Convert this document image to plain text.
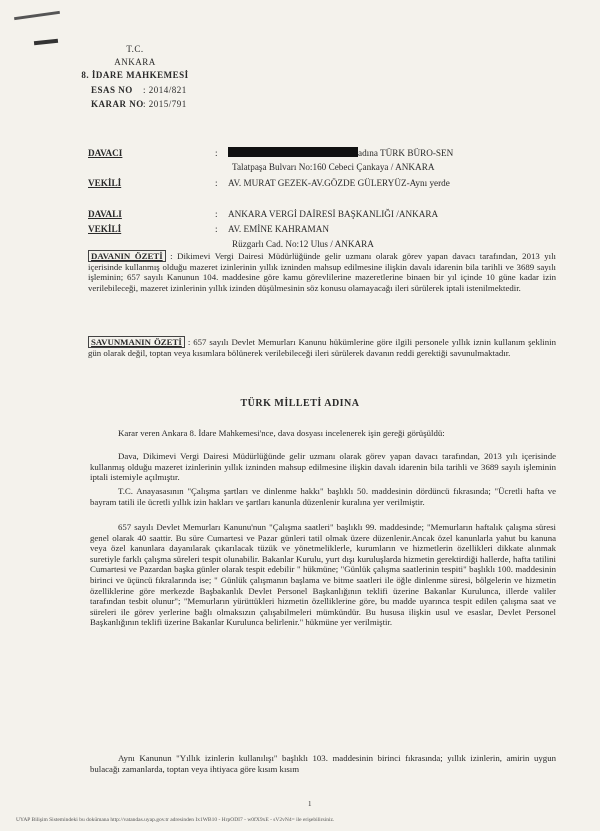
T.C.
ANKARA
8. İDARE MAHKEMESİ
ESAS NO : 2014/821
KARAR NO : 2015/791
DAVACI	:	adına TÜRK BÜRO-SEN
Talatpaşa Bulvarı No:160 Cebeci Çankaya / ANKARA
VEKİLİ	: AV. MURAT GEZEK-AV.GÖZDE GÜLERYÜZ-Aynı yerde
DAVALI	: ANKARA VERGİ DAİRESİ BAŞKANLIĞI /ANKARA
VEKİLİ	: AV. EMİNE KAHRAMAN
Rüzgarlı Cad. No:12 Ulus / ANKARA
DAVANIN ÖZETİ : Dikimevi Vergi Dairesi Müdürlüğünde gelir uzmanı olarak görev yapan davacı tarafından, 2013 yılı içerisinde kullanmış olduğu mazeret izinlerinin yıllık izninden mahsup edilmesine ilişkin davalı idarenin bila tarihli ve 3689 sayılı işleminin; 657 sayılı Kanunun 104. maddesine göre kamu görevlilerine mazeretlerine binaen bir yıl içinde 10 güne kadar izin verilebileceği, mazeret izinlerinin yıllık izinden düşülmesinin söz konusu olamayacağı ileri sürülerek iptali istenilmektedir.
SAVUNMANIN ÖZETİ : 657 sayılı Devlet Memurları Kanunu hükümlerine göre ilgili personele yıllık iznin kullanım şeklinin gün olarak değil, toptan veya kısımlara bölünerek verilebileceği ileri sürülerek davanın reddi gerektiği savunulmaktadır.
TÜRK MİLLETİ ADINA
Karar veren Ankara 8. İdare Mahkemesi'nce, dava dosyası incelenerek işin gereği görüşüldü:
Dava, Dikimevi Vergi Dairesi Müdürlüğünde gelir uzmanı olarak görev yapan davacı tarafından, 2013 yılı içerisinde kullanmış olduğu mazeret izinlerinin yıllık izninden mahsup edilmesine ilişkin davalı idarenin bila tarihli ve 3689 sayılı işleminin iptali istemiyle açılmıştır.
T.C. Anayasasının "Çalışma şartları ve dinlenme hakkı" başlıklı 50. maddesinin dördüncü fıkrasında; "Ücretli hafta ve bayram tatili ile ücretli yıllık izin hakları ve şartları kanunla düzenlenir kuralına yer verilmiştir.
657 sayılı Devlet Memurları Kanunu'nun "Çalışma saatleri" başlıklı 99. maddesinde; "Memurların haftalık çalışma süresi genel olarak 40 saattir. Bu süre Cumartesi ve Pazar günleri tatil olmak üzere düzenlenir.Ancak özel kanunlarla yahut bu kanuna veya özel kanunlara dayanılarak çıkarılacak tüzük ve yönetmeliklerle, kurumların ve hizmetlerin özellikleri dikkate alınmak suretiyle farklı çalışma süreleri tespit olunabilir. Bakanlar Kurulu, yurt dışı kuruluşlarda hizmetin gerektirdiği hallerde, hafta tatilini Cumartesi ve Pazardan başka günler olarak tespit edebilir " hükmüne; "Günlük çalışma saatlerinin tespiti" başlıklı 100. maddesinin birinci ve üçüncü fıkralarında ise; " Günlük çalışmanın başlama ve bitme saatleri ile öğle dinlenme süresi, bölgelerin ve hizmetin özelliklerine göre merkezde Başbakanlık Devlet Personel Başkanlığının teklifi üzerine Bakanlar Kurulunca, illerde valiler tarafından tesbit olunur"; "Memurların yürüttükleri hizmetin özelliklerine göre, bu madde uyarınca tespit edilen çalışma saat ve süreleri ile görev yerlerine bağlı olmaksızın çalışabilmeleri mümkündür. Bu hususa ilişkin usul ve esaslar, Devlet Personel Başkanlığının teklifi üzerine Bakanlar Kurulunca belirlenir." hükmüne yer verilmiştir.
Aynı Kanunun "Yıllık izinlerin kullanılışı" başlıklı 103. maddesinin birinci fıkrasında; yıllık izinlerin, amirin uygun bulacağı zamanlarda, toptan veya ihtiyaca göre kısım kısım
1
UYAP Bilişim Sistemindeki bu dokümana http://vatandas.uyap.gov.tr adresinden Ix1WB10 - HrpODI7 - w0fX9xE - sV2vN4= ile erişebilirsiniz.
